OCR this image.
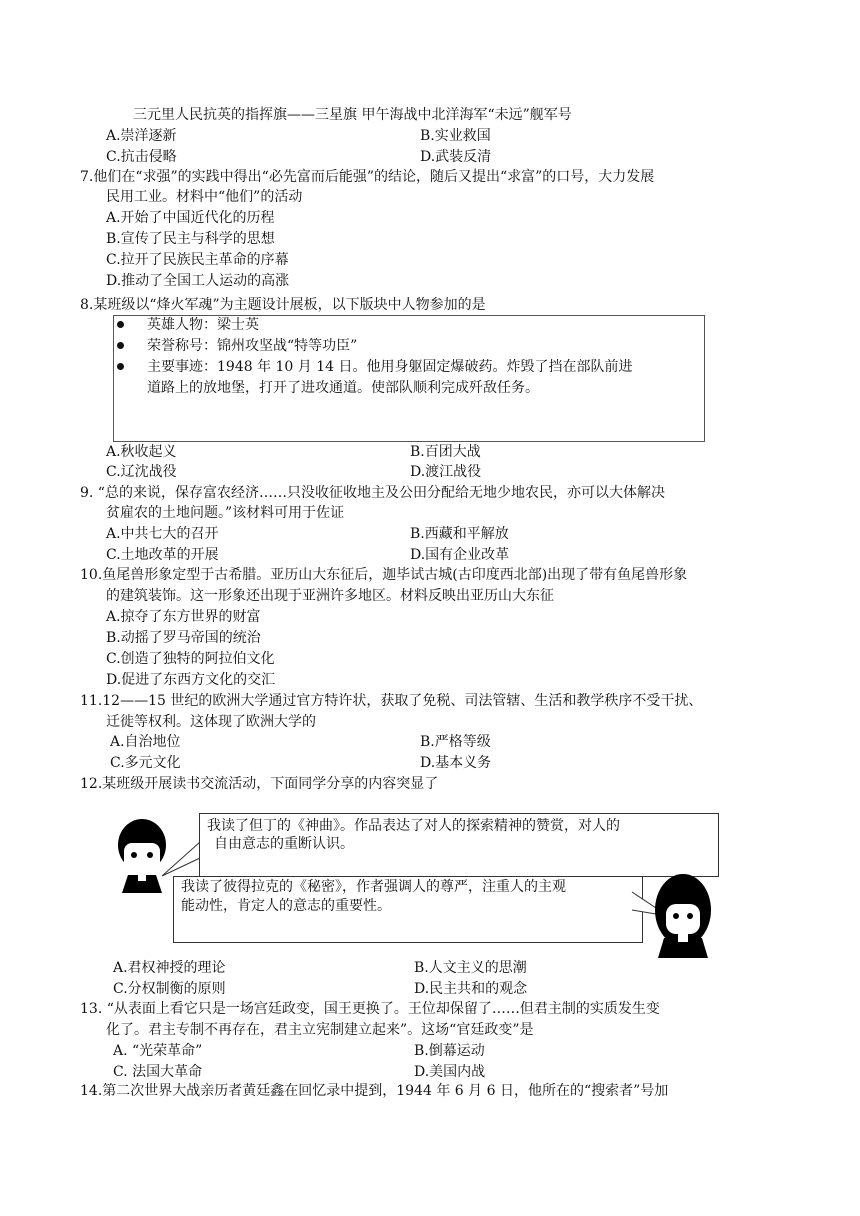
三元里人民抗英的指挥旗——三星旗 甲午海战中北洋海军“未远”舰军号
A.崇洋逐新	B.实业救国
C.抗击侵略	D.武装反清
7.他们在“求强”的实践中得出“必先富而后能强”的结论，随后又提出“求富”的口号，大力发展
民用工业。材料中“他们”的活动
A.开始了中国近代化的历程
B.宣传了民主与科学的思想
C.拉开了民族民主革命的序幕
D.推动了全国工人运动的高涨
8.某班级以“烽火军魂”为主题设计展板，以下版块中人物参加的是
英雄人物：梁士英
荣誉称号：锦州攻坚战“特等功臣”
主要事迹：1948 年 10 月 14 日。他用身躯固定爆破药。炸毁了挡在部队前进
道路上的放地堡，打开了进攻通道。使部队顺利完成歼敌任务。
A.秋收起义	B.百团大战
C.辽沈战役	D.渡江战役
9. “总的来说，保存富农经济……只没收征收地主及公田分配给无地少地农民，亦可以大体解决
贫雇农的土地问题。”该材料可用于佐证
A.中共七大的召开	B.西藏和平解放
C.土地改革的开展	D.国有企业改革
10.鱼尾兽形象定型于古希腊。亚历山大东征后，迦毕试古城(古印度西北部)出现了带有鱼尾兽形象
的建筑装饰。这一形象还出现于亚洲许多地区。材料反映出亚历山大东征
A.掠夺了东方世界的财富
B.动摇了罗马帝国的统治
C.创造了独特的阿拉伯文化
D.促进了东西方文化的交汇
11.12——15 世纪的欧洲大学通过官方特许状，获取了免税、司法管辖、生活和教学秩序不受干扰、
迁徙等权利。这体现了欧洲大学的
A.自治地位	B.严格等级
C.多元文化	D.基本义务
12.某班级开展读书交流活动，下面同学分享的内容突显了
我读了但丁的《神曲》。作品表达了对人的探索精神的赞赏，对人的
自由意志的重断认识。
我读了彼得拉克的《秘密》，作者强调人的尊严，注重人的主观
能动性，肯定人的意志的重要性。
A.君权神授的理论	B.人文主义的思潮
C.分权制衡的原则	D.民主共和的观念
13. “从表面上看它只是一场宫廷政变，国王更换了。王位却保留了……但君主制的实质发生变
化了。君主专制不再存在，君主立宪制建立起来”。这场“官廷政变”是
A. “光荣革命”	B.倒幕运动
C. 法国大革命	D.美国内战
14.第二次世界大战亲历者黄廷鑫在回忆录中提到，1944 年 6 月 6 日，他所在的“搜索者”号加
